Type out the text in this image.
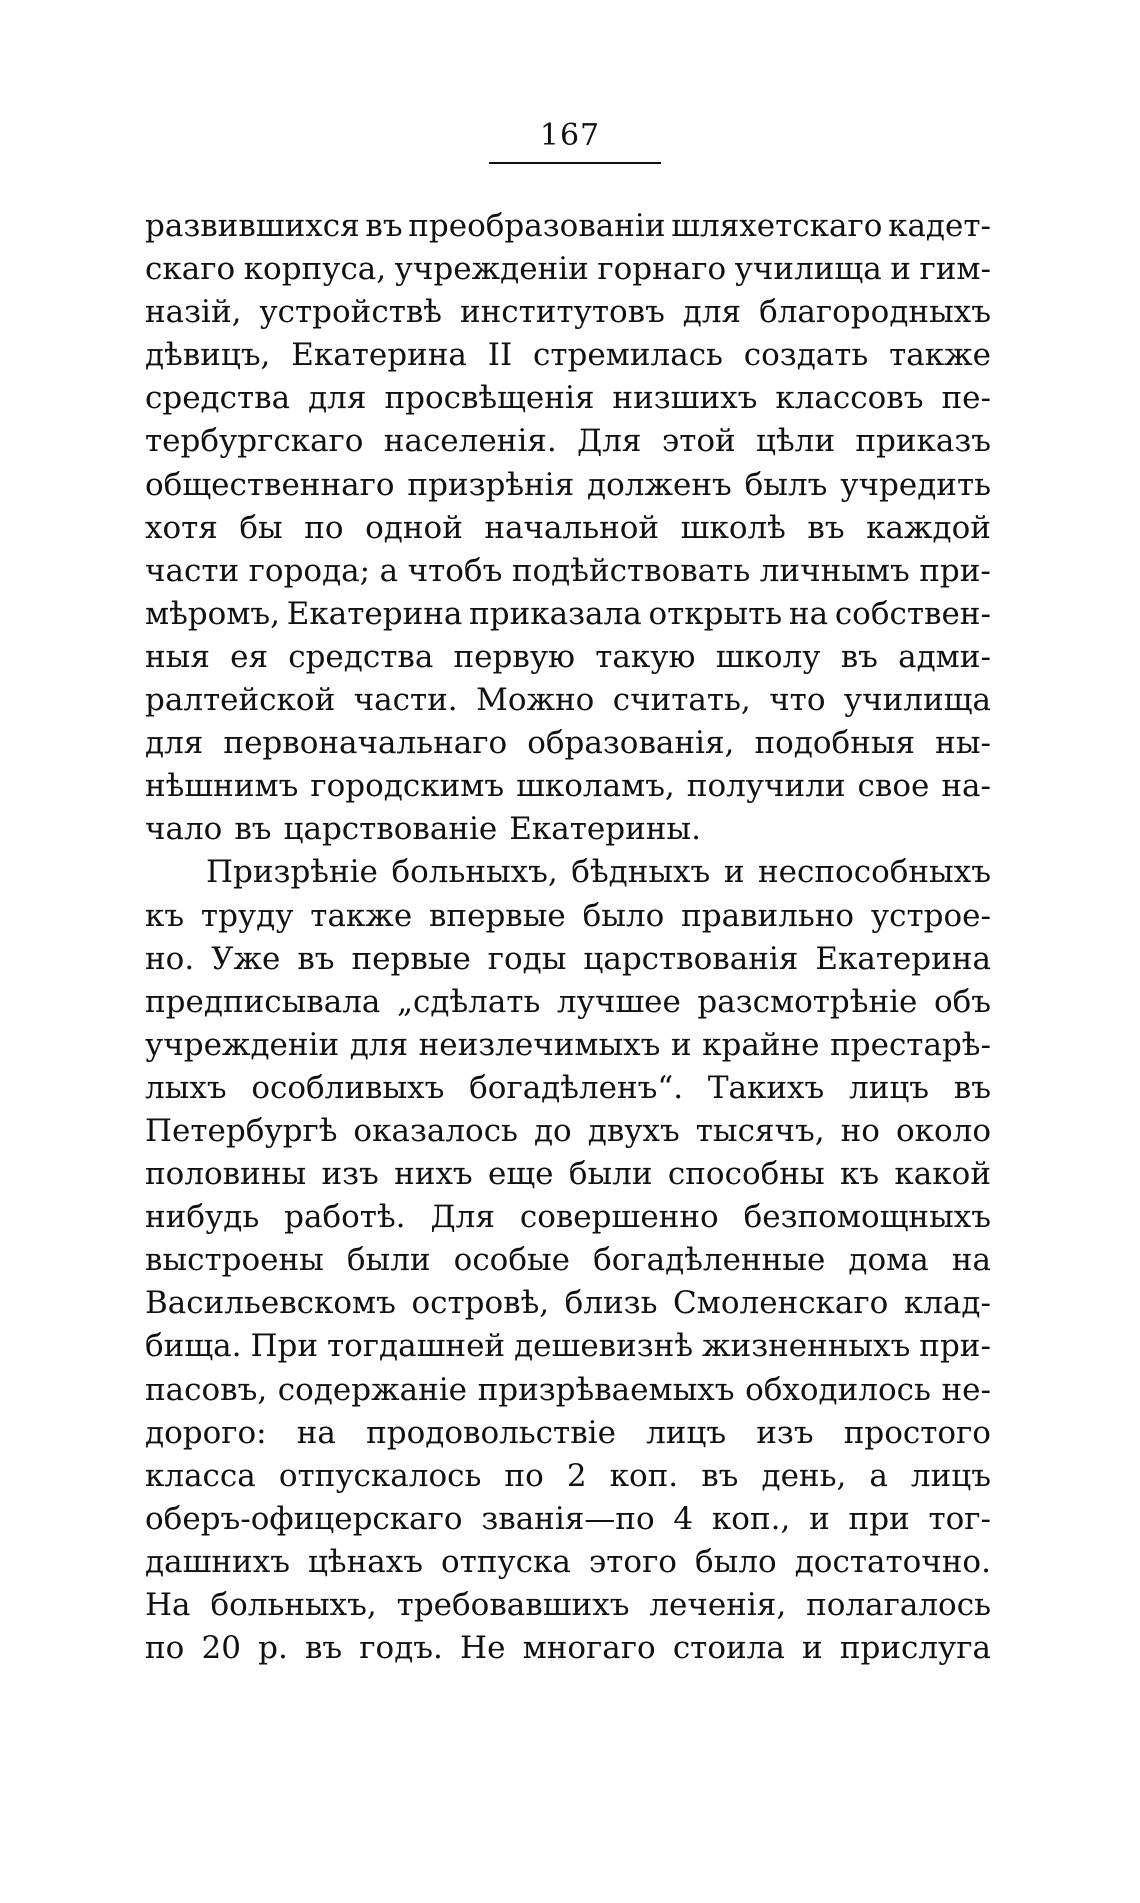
167
развившихся въ преобразованіи шляхетскаго кадет-
скаго корпуса, учрежденіи горнаго училища и гим-
назій, устройствѣ институтовъ для благородныхъ
дѣвицъ, Екатерина II стремилась создать также
средства для просвѣщенія низшихъ классовъ пе-
тербургскаго населенія. Для этой цѣли приказъ
общественнаго призрѣнія долженъ былъ учредить
хотя бы по одной начальной школѣ въ каждой
части города; а чтобъ подѣйствовать личнымъ при-
мѣромъ, Екатерина приказала открыть на собствен-
ныя ея средства первую такую школу въ адми-
ралтейской части. Можно считать, что училища
для первоначальнаго образованія, подобныя ны-
нѣшнимъ городскимъ школамъ, получили свое на-
чало въ царствованіе Екатерины.
Призрѣніе больныхъ, бѣдныхъ и неспособныхъ
къ труду также впервые было правильно устрое-
но. Уже въ первые годы царствованія Екатерина
предписывала „сдѣлать лучшее разсмотрѣніе объ
учрежденіи для неизлечимыхъ и крайне престарѣ-
лыхъ особливыхъ богадѣленъ“. Такихъ лицъ въ
Петербургѣ оказалось до двухъ тысячъ, но около
половины изъ нихъ еще были способны къ какой
нибудь работѣ. Для совершенно безпомощныхъ
выстроены были особые богадѣленные дома на
Васильевскомъ островѣ, близь Смоленскаго клад-
бища. При тогдашней дешевизнѣ жизненныхъ при-
пасовъ, содержаніе призрѣваемыхъ обходилось не-
дорого: на продовольствіе лицъ изъ простого
класса отпускалось по 2 коп. въ день, а лицъ
оберъ-офицерскаго званія—по 4 коп., и при тог-
дашнихъ цѣнахъ отпуска этого было достаточно.
На больныхъ, требовавшихъ леченія, полагалось
по 20 р. въ годъ. Не многаго стоила и прислуга
